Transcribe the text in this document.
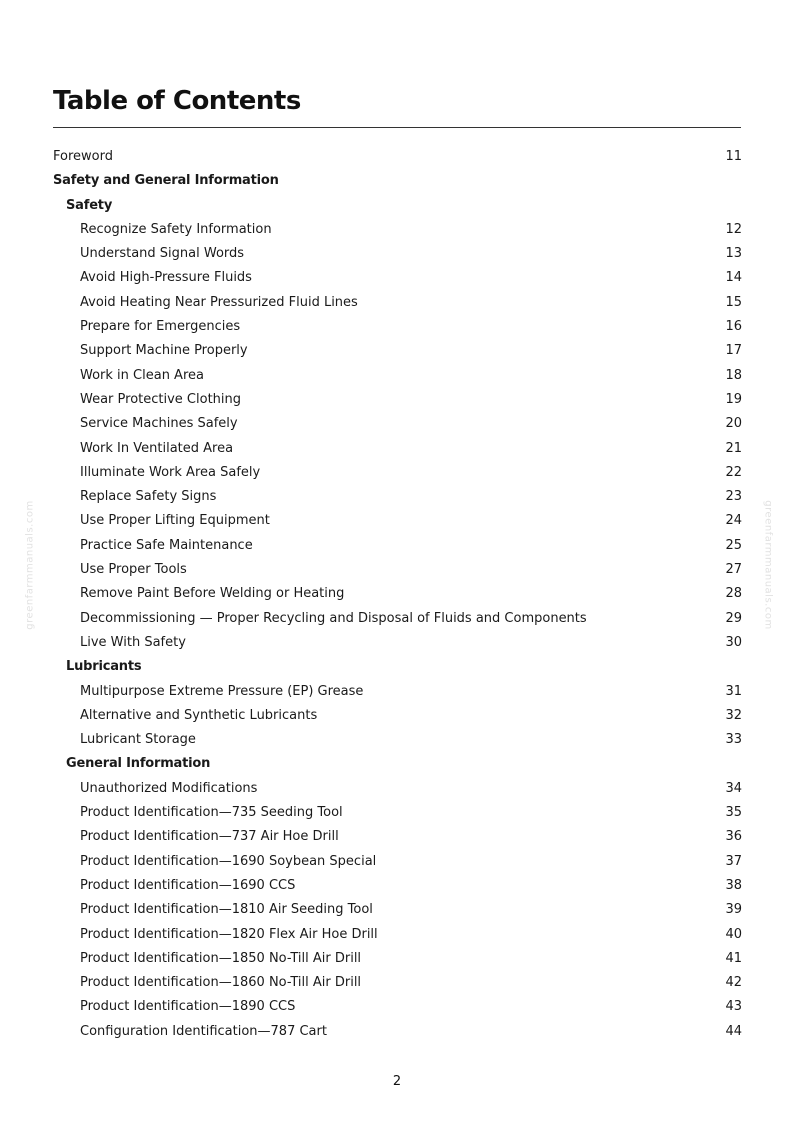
Table of Contents
Foreword	11
Safety and General Information
Safety
Recognize Safety Information	12
Understand Signal Words	13
Avoid High-Pressure Fluids	14
Avoid Heating Near Pressurized Fluid Lines	15
Prepare for Emergencies	16
Support Machine Properly	17
Work in Clean Area	18
Wear Protective Clothing	19
Service Machines Safely	20
Work In Ventilated Area	21
Illuminate Work Area Safely	22
Replace Safety Signs	23
Use Proper Lifting Equipment	24
Practice Safe Maintenance	25
Use Proper Tools	27
Remove Paint Before Welding or Heating	28
Decommissioning — Proper Recycling and Disposal of Fluids and Components	29
Live With Safety	30
Lubricants
Multipurpose Extreme Pressure (EP) Grease	31
Alternative and Synthetic Lubricants	32
Lubricant Storage	33
General Information
Unauthorized Modifications	34
Product Identification—735 Seeding Tool	35
Product Identification—737 Air Hoe Drill	36
Product Identification—1690 Soybean Special	37
Product Identification—1690 CCS	38
Product Identification—1810 Air Seeding Tool	39
Product Identification—1820 Flex Air Hoe Drill	40
Product Identification—1850 No-Till Air Drill	41
Product Identification—1860 No-Till Air Drill	42
Product Identification—1890 CCS	43
Configuration Identification—787 Cart	44
greenfarmmanuals.com	greenfarmmanuals.com
2
